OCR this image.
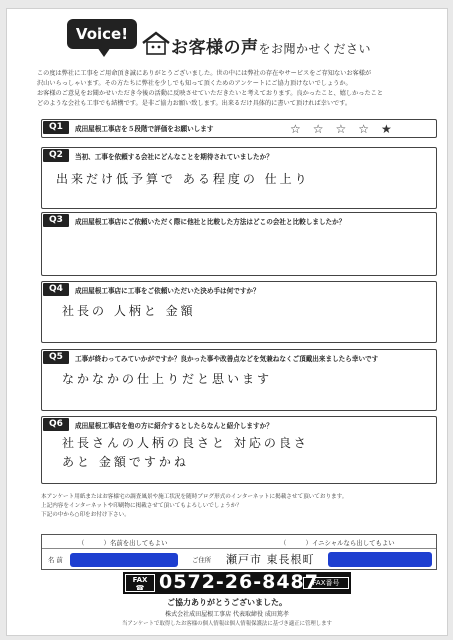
Voice!
お客様の声をお聞かせください
この度は弊社に工事をご用命頂き誠にありがとうございました。世の中には弊社の存在やサービスをご存知ないお客様が
沢山いらっしゃいます。その方たちに弊社を少しでも知って頂くためのアンケートにご協力頂けないでしょうか。
お客様のご意見をお聞かせいただき今後の活動に反映させていただきたいと考えております。良かったこと、嬉しかったこと
どのような会社も工事でも結構です。是非ご協力お願い致します。出来るだけ具体的に書いて頂ければ幸いです。
Q1	成田屋根工事店を５段階で評価をお願いします	☆☆☆☆★
Q2	当初、工事を依頼する会社にどんなことを期待されていましたか？
出来だけ低予算で ある程度の 仕上り
Q3	成田屋根工事店にご依頼いただく際に他社と比較した方法はどこの会社と比較しましたか？
Q4	成田屋根工事店に工事をご依頼いただいた決め手は何ですか？
社長の 人柄と 金額
Q5	工事が終わってみていかがですか？良かった事や改善点などを気兼ねなくご頂戴出来ましたら幸いです
なかなかの仕上りだと思います
Q6	成田屋根工事店を他の方に紹介するとしたらなんと紹介しますか？
社長さんの人柄の良さと 対応の良さ
あと 金額ですかね
本アンケート用紙またはお客様宅の調査風景や施工状況を随時ブログ形式のインターネットに掲載させて頂いております。
上記内容をインターネットや印刷物に掲載させて頂いてもよろしいでしょうか？
下記の中から○印をお付け下さい。
（　　　）名前を出してもよい	（　　　）イニシャルなら出してもよい
名 前	ご住所 瀬戸市 東長根町
FAX
☎ 0572-26-8487
FAX番号
ご協力ありがとうございました。
株式会社成田屋根工事店 代表取締役 成田篤孝
当アンケートで取得したお客様の個人情報は個人情報保護法に基づき適正に管理します
